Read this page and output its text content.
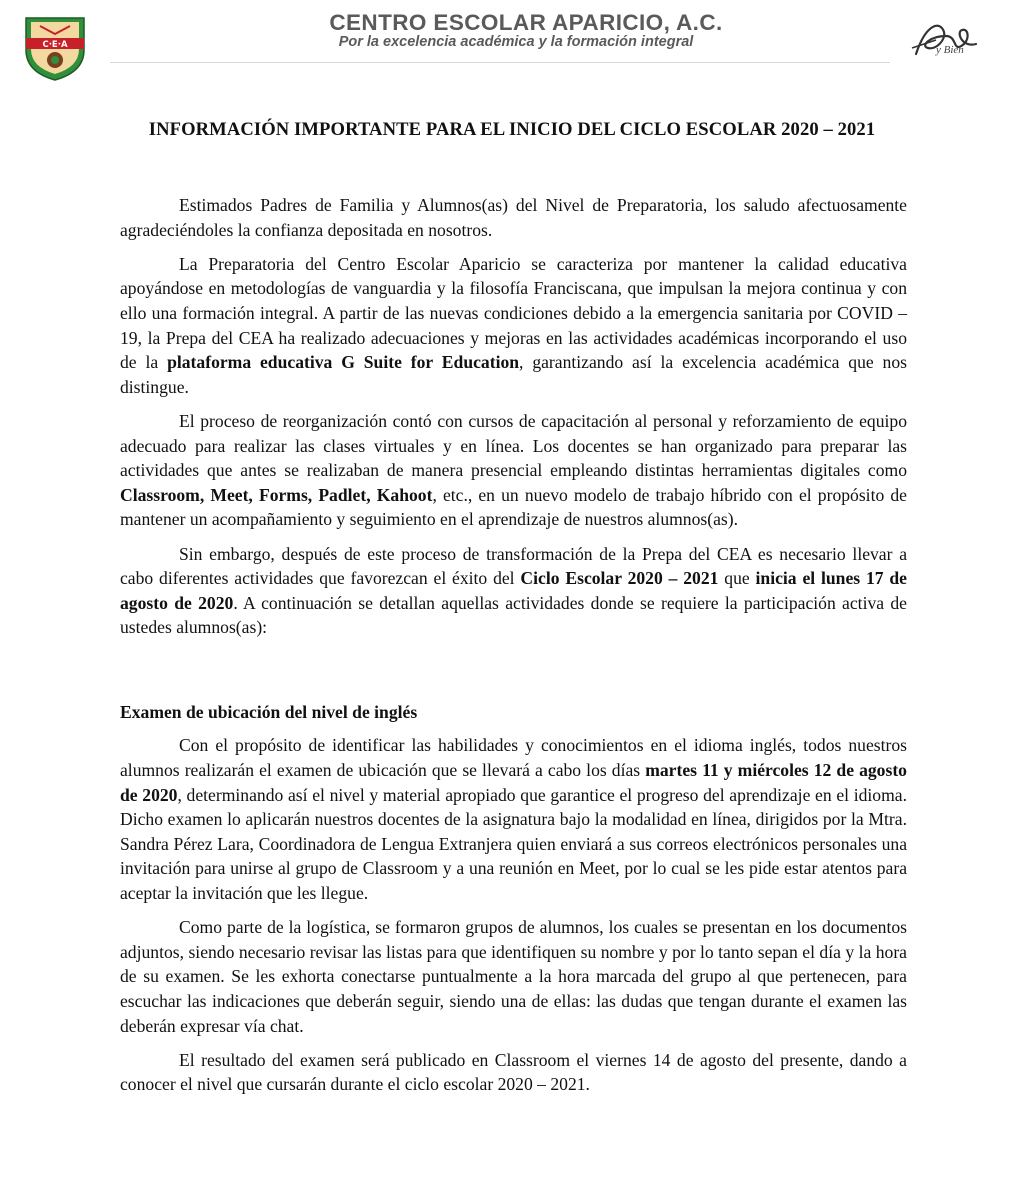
C·E·A
CENTRO ESCOLAR APARICIO, A.C.
Por la excelencia académica y la formación integral	y Bien
INFORMACIÓN IMPORTANTE PARA EL INICIO DEL CICLO ESCOLAR 2020 – 2021

Estimados Padres de Familia y Alumnos(as) del Nivel de Preparatoria, los saludo afectuosamente agradeciéndoles la confianza depositada en nosotros.

La Preparatoria del Centro Escolar Aparicio se caracteriza por mantener la calidad educativa apoyándose en metodologías de vanguardia y la filosofía Franciscana, que impulsan la mejora continua y con ello una formación integral. A partir de las nuevas condiciones debido a la emergencia sanitaria por COVID – 19, la Prepa del CEA ha realizado adecuaciones y mejoras en las actividades académicas incorporando el uso de la plataforma educativa G Suite for Education, garantizando así la excelencia académica que nos distingue.

El proceso de reorganización contó con cursos de capacitación al personal y reforzamiento de equipo adecuado para realizar las clases virtuales y en línea. Los docentes se han organizado para preparar las actividades que antes se realizaban de manera presencial empleando distintas herramientas digitales como Classroom, Meet, Forms, Padlet, Kahoot, etc., en un nuevo modelo de trabajo híbrido con el propósito de mantener un acompañamiento y seguimiento en el aprendizaje de nuestros alumnos(as).

Sin embargo, después de este proceso de transformación de la Prepa del CEA es necesario llevar a cabo diferentes actividades que favorezcan el éxito del Ciclo Escolar 2020 – 2021 que inicia el lunes 17 de agosto de 2020. A continuación se detallan aquellas actividades donde se requiere la participación activa de ustedes alumnos(as):

Examen de ubicación del nivel de inglés

Con el propósito de identificar las habilidades y conocimientos en el idioma inglés, todos nuestros alumnos realizarán el examen de ubicación que se llevará a cabo los días martes 11 y miércoles 12 de agosto de 2020, determinando así el nivel y material apropiado que garantice el progreso del aprendizaje en el idioma. Dicho examen lo aplicarán nuestros docentes de la asignatura bajo la modalidad en línea, dirigidos por la Mtra. Sandra Pérez Lara, Coordinadora de Lengua Extranjera quien enviará a sus correos electrónicos personales una invitación para unirse al grupo de Classroom y a una reunión en Meet, por lo cual se les pide estar atentos para aceptar la invitación que les llegue.

Como parte de la logística, se formaron grupos de alumnos, los cuales se presentan en los documentos adjuntos, siendo necesario revisar las listas para que identifiquen su nombre y por lo tanto sepan el día y la hora de su examen. Se les exhorta conectarse puntualmente a la hora marcada del grupo al que pertenecen, para escuchar las indicaciones que deberán seguir, siendo una de ellas: las dudas que tengan durante el examen las deberán expresar vía chat.

El resultado del examen será publicado en Classroom el viernes 14 de agosto del presente, dando a conocer el nivel que cursarán durante el ciclo escolar 2020 – 2021.
